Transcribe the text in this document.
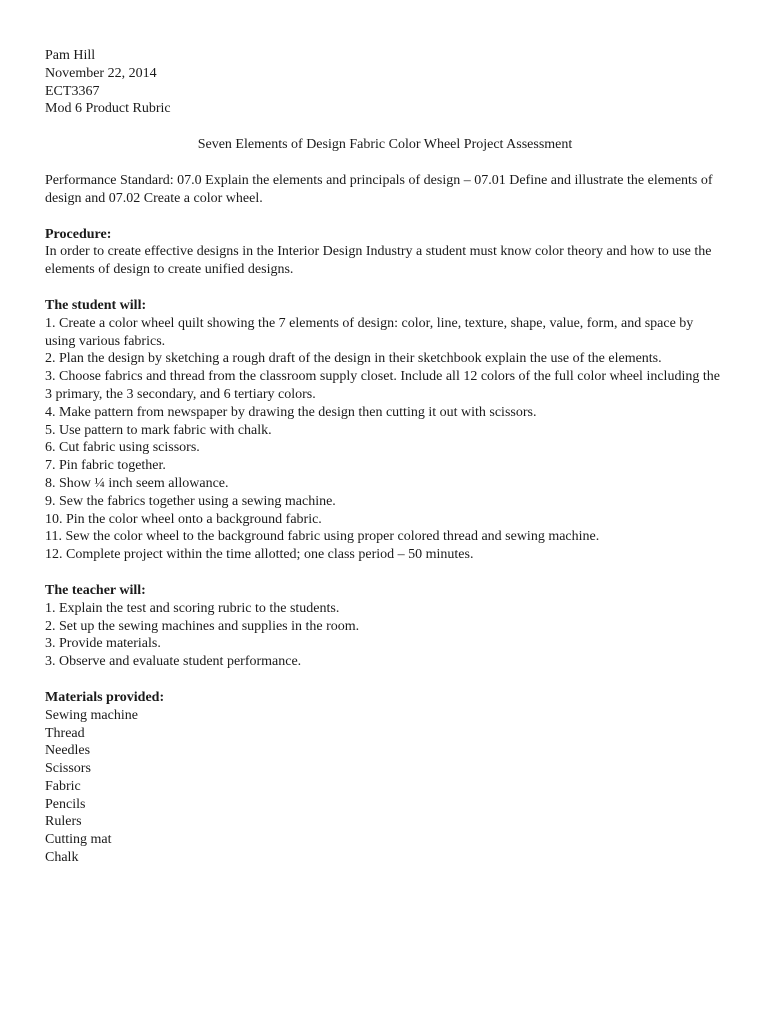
Pam Hill
November 22, 2014
ECT3367
Mod 6 Product Rubric
Seven Elements of Design Fabric Color Wheel Project Assessment
Performance Standard: 07.0 Explain the elements and principals of design – 07.01 Define and illustrate the elements of design and 07.02 Create a color wheel.
Procedure:
In order to create effective designs in the Interior Design Industry a student must know color theory and how to use the elements of design to create unified designs.
The student will:
1. Create a color wheel quilt showing the 7 elements of design: color, line, texture, shape, value, form, and space by using various fabrics.
2. Plan the design by sketching a rough draft of the design in their sketchbook explain the use of the elements.
3. Choose fabrics and thread from the classroom supply closet. Include all 12 colors of the full color wheel including the 3 primary, the 3 secondary, and 6 tertiary colors.
4. Make pattern from newspaper by drawing the design then cutting it out with scissors.
5. Use pattern to mark fabric with chalk.
6. Cut fabric using scissors.
7. Pin fabric together.
8. Show ¼ inch seem allowance.
9. Sew the fabrics together using a sewing machine.
10. Pin the color wheel onto a background fabric.
11. Sew the color wheel to the background fabric using proper colored thread and sewing machine.
12. Complete project within the time allotted; one class period – 50 minutes.
The teacher will:
1. Explain the test and scoring rubric to the students.
2. Set up the sewing machines and supplies in the room.
3. Provide materials.
3. Observe and evaluate student performance.
Materials provided:
Sewing machine
Thread
Needles
Scissors
Fabric
Pencils
Rulers
Cutting mat
Chalk
